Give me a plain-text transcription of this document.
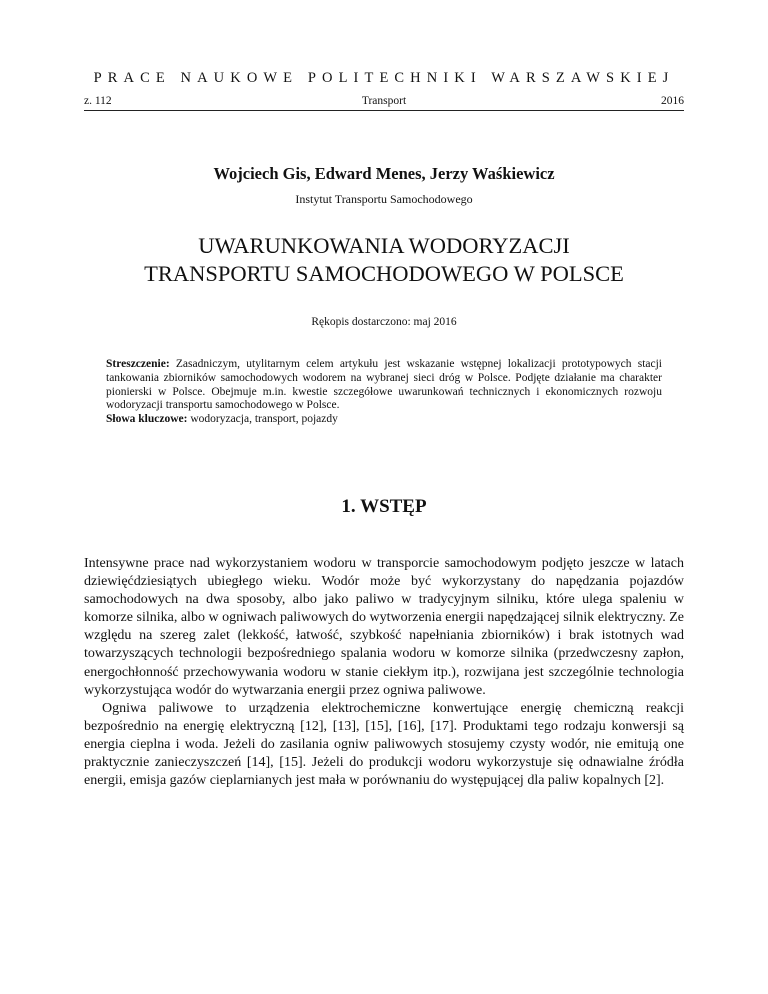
PRACE NAUKOWE POLITECHNIKI WARSZAWSKIEJ
z. 112	Transport	2016
Wojciech Gis, Edward Menes, Jerzy Waśkiewicz
Instytut Transportu Samochodowego
UWARUNKOWANIA WODORYZACJI
TRANSPORTU SAMOCHODOWEGO W POLSCE
Rękopis dostarczono: maj 2016

Streszczenie: Zasadniczym, utylitarnym celem artykułu jest wskazanie wstępnej lokalizacji prototypowych stacji tankowania zbiorników samochodowych wodorem na wybranej sieci dróg w Polsce. Podjęte działanie ma charakter pionierski w Polsce. Obejmuje m.in. kwestie szczegółowe uwarunkowań technicznych i ekonomicznych rozwoju wodoryzacji transportu samochodowego w Polsce.

Słowa kluczowe: wodoryzacja, transport, pojazdy

1. WSTĘP

Intensywne prace nad wykorzystaniem wodoru w transporcie samochodowym podjęto jeszcze w latach dziewięćdziesiątych ubiegłego wieku. Wodór może być wykorzystany do napędzania pojazdów samochodowych na dwa sposoby, albo jako paliwo w tradycyjnym silniku, które ulega spaleniu w komorze silnika, albo w ogniwach paliwowych do wytworzenia energii napędzającej silnik elektryczny. Ze względu na szereg zalet (lekkość, łatwość, szybkość napełniania zbiorników) i brak istotnych wad towarzyszących technologii bezpośredniego spalania wodoru w komorze silnika (przedwczesny zapłon, energochłonność przechowywania wodoru w stanie ciekłym itp.), rozwijana jest szczególnie technologia wykorzystująca wodór do wytwarzania energii przez ogniwa paliwowe.

Ogniwa paliwowe to urządzenia elektrochemiczne konwertujące energię chemiczną reakcji bezpośrednio na energię elektryczną [12], [13], [15], [16], [17]. Produktami tego rodzaju konwersji są energia cieplna i woda. Jeżeli do zasilania ogniw paliwowych stosujemy czysty wodór, nie emitują one praktycznie zanieczyszczeń [14], [15]. Jeżeli do produkcji wodoru wykorzystuje się odnawialne źródła energii, emisja gazów cieplarnianych jest mała w porównaniu do występującej dla paliw kopalnych [2].
